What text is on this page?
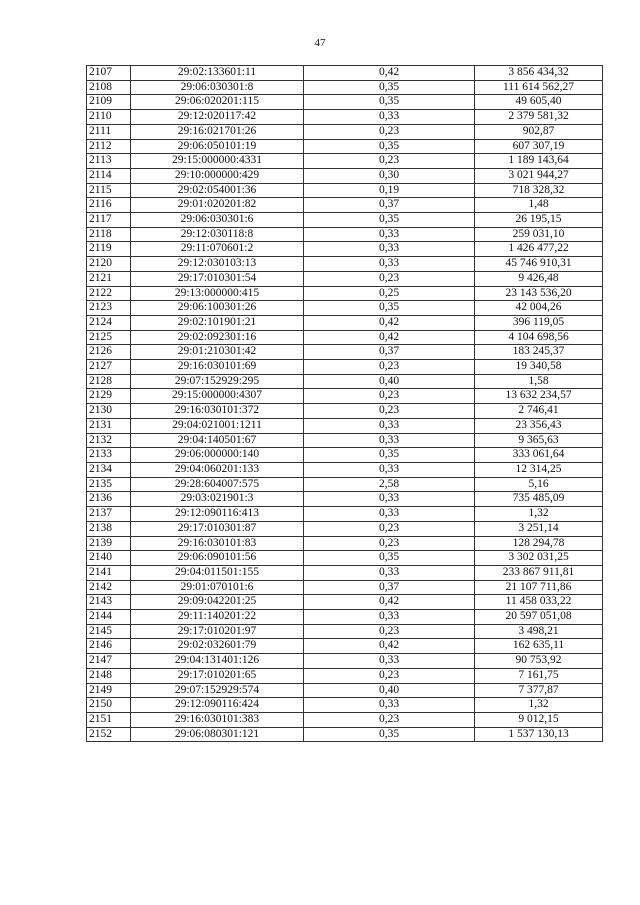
47
2107	29:02:133601:11	0,42	3 856 434,32
2108	29:06:030301:8	0,35	111 614 562,27
2109	29:06:020201:115	0,35	49 605,40
2110	29:12:020117:42	0,33	2 379 581,32
2111	29:16:021701:26	0,23	902,87
2112	29:06:050101:19	0,35	607 307,19
2113	29:15:000000:4331	0,23	1 189 143,64
2114	29:10:000000:429	0,30	3 021 944,27
2115	29:02:054001:36	0,19	718 328,32
2116	29:01:020201:82	0,37	1,48
2117	29:06:030301:6	0,35	26 195,15
2118	29:12:030118:8	0,33	259 031,10
2119	29:11:070601:2	0,33	1 426 477,22
2120	29:12:030103:13	0,33	45 746 910,31
2121	29:17:010301:54	0,23	9 426,48
2122	29:13:000000:415	0,25	23 143 536,20
2123	29:06:100301:26	0,35	42 004,26
2124	29:02:101901:21	0,42	396 119,05
2125	29:02:092301:16	0,42	4 104 698,56
2126	29:01:210301:42	0,37	183 245,37
2127	29:16:030101:69	0,23	19 340,58
2128	29:07:152929:295	0,40	1,58
2129	29:15:000000:4307	0,23	13 632 234,57
2130	29:16:030101:372	0,23	2 746,41
2131	29:04:021001:1211	0,33	23 356,43
2132	29:04:140501:67	0,33	9 365,63
2133	29:06:000000:140	0,35	333 061,64
2134	29:04:060201:133	0,33	12 314,25
2135	29:28:604007:575	2,58	5,16
2136	29:03:021901:3	0,33	735 485,09
2137	29:12:090116:413	0,33	1,32
2138	29:17:010301:87	0,23	3 251,14
2139	29:16:030101:83	0,23	128 294,78
2140	29:06:090101:56	0,35	3 302 031,25
2141	29:04:011501:155	0,33	233 867 911,81
2142	29:01:070101:6	0,37	21 107 711,86
2143	29:09:042201:25	0,42	11 458 033,22
2144	29:11:140201:22	0,33	20 597 051,08
2145	29:17:010201:97	0,23	3 498,21
2146	29:02:032601:79	0,42	162 635,11
2147	29:04:131401:126	0,33	90 753,92
2148	29:17:010201:65	0,23	7 161,75
2149	29:07:152929:574	0,40	7 377,87
2150	29:12:090116:424	0,33	1,32
2151	29:16:030101:383	0,23	9 012,15
2152	29:06:080301:121	0,35	1 537 130,13
